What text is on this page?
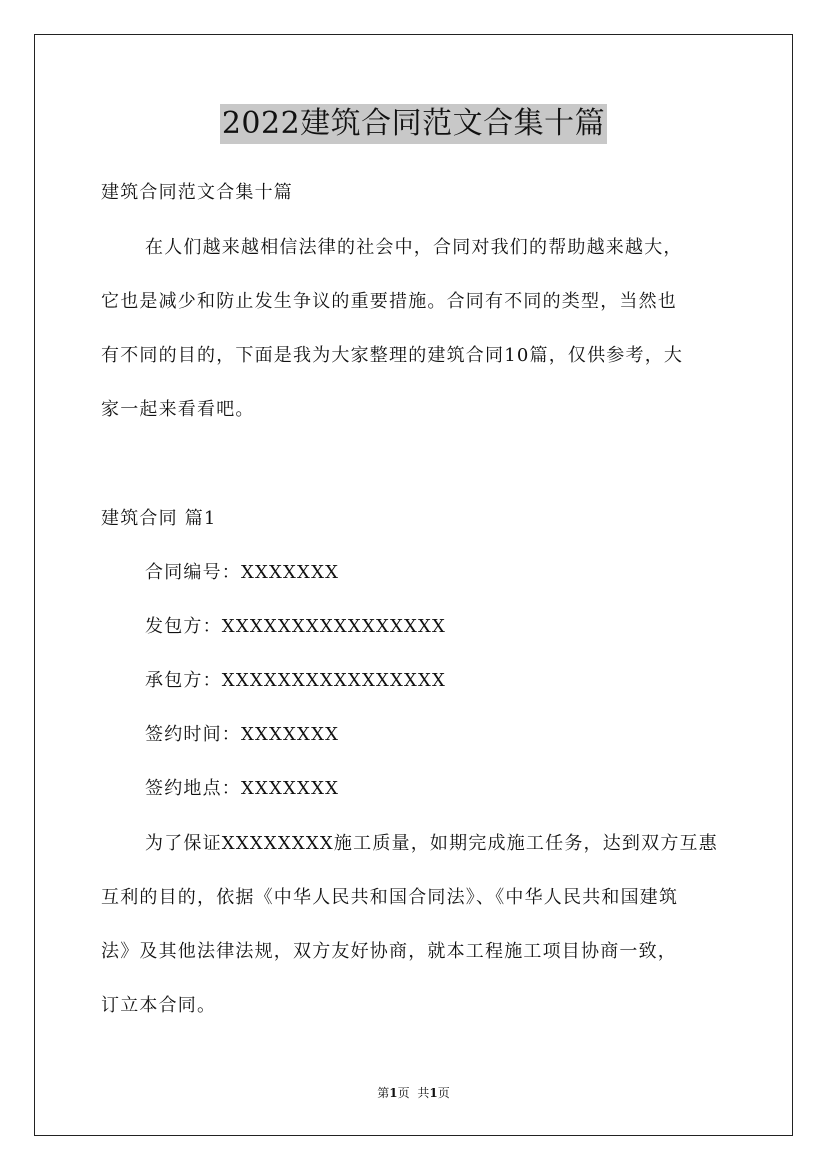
2022建筑合同范文合集十篇
建筑合同范文合集十篇
在人们越来越相信法律的社会中，合同对我们的帮助越来越大，
它也是减少和防止发生争议的重要措施。合同有不同的类型，当然也
有不同的目的，下面是我为大家整理的建筑合同10篇，仅供参考，大
家一起来看看吧。
建筑合同 篇1
合同编号：XXXXXXX
发包方：XXXXXXXXXXXXXXXX
承包方：XXXXXXXXXXXXXXXX
签约时间：XXXXXXX
签约地点：XXXXXXX
为了保证XXXXXXXX施工质量，如期完成施工任务，达到双方互惠
互利的目的，依据《中华人民共和国合同法》、《中华人民共和国建筑
法》及其他法律法规，双方友好协商，就本工程施工项目协商一致，
订立本合同。
第1页 共1页
